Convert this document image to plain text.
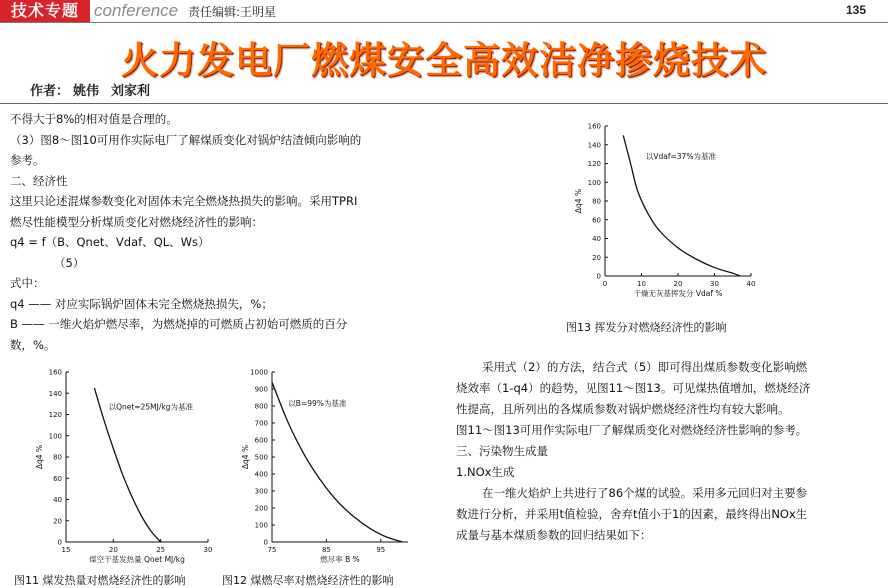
技术专题 conference 责任编辑:王明星	135
火力发电厂燃煤安全高效洁净掺烧技术
作者： 姚伟 刘家利
不得大于8%的相对值是合理的。
（3）图8～图10可用作实际电厂了解煤质变化对锅炉结渣倾向影响的
参考。
二、经济性
这里只论述混煤参数变化对固体未完全燃烧热损失的影响。采用TPRI
燃尽性能模型分析煤质变化对燃烧经济性的影响：
q4 = f（B、Qnet、Vdaf、QL、Ws）
（5）
式中：
q4 —— 对应实际锅炉固体未完全燃烧热损失，%；
B —— 一维火焰炉燃尽率，为燃烧掉的可燃质占初始可燃质的百分
数，%。
采用式（2）的方法，结合式（5）即可得出煤质参数变化影响燃
烧效率（1-q4）的趋势，见图11～图13。可见煤热值增加，燃烧经济
性提高，且所列出的各煤质参数对锅炉燃烧经济性均有较大影响。
图11～图13可用作实际电厂了解煤质变化对燃烧经济性影响的参考。
三、污染物生成量
1.NOx生成
在一维火焰炉上共进行了86个煤的试验。采用多元回归对主要参
数进行分析，并采用t值检验，舍弃t值小于1的因素，最终得出NOx生
成量与基本煤质参数的回归结果如下：
0
20
40
60
80
100
120
140
160
15	20	25	30
煤空干基发热量 Qnet MJ/kg
Δq4 %
以Qnet=25MJ/kg为基准
0
100
200
300
400
500
600
700
800
900
1000
75	85	95
燃尽率 B %
Δq4 %
以B=99%为基准
0
20
40
60
80
100
120
140
160
0	10	20	30	40
干燥无灰基挥发分 Vdaf %
Δq4 %
以Vdaf=37%为基准
图11 煤发热量对燃烧经济性的影响	图12 煤燃尽率对燃烧经济性的影响
图13 挥发分对燃烧经济性的影响
